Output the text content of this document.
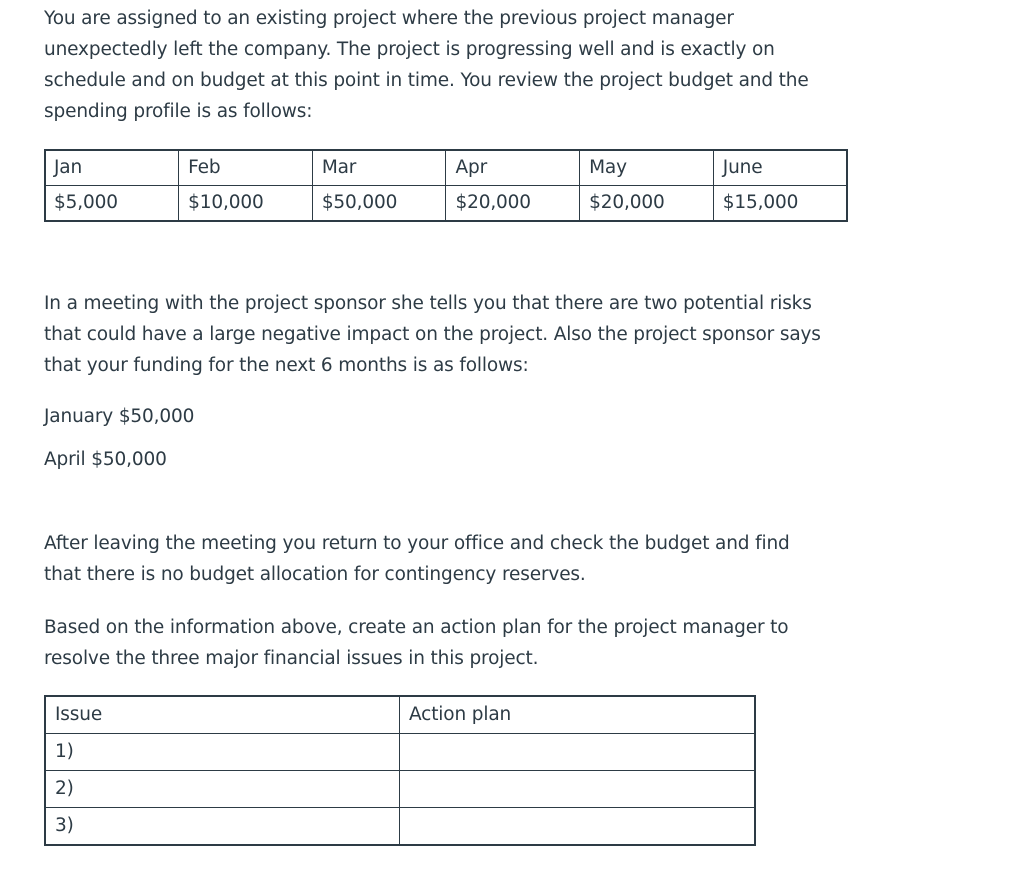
You are assigned to an existing project where the previous project manager
unexpectedly left the company. The project is progressing well and is exactly on
schedule and on budget at this point in time. You review the project budget and the
spending profile is as follows:

Jan	Feb	Mar	Apr	May	June
$5,000	$10,000	$50,000	$20,000	$20,000	$15,000

In a meeting with the project sponsor she tells you that there are two potential risks
that could have a large negative impact on the project. Also the project sponsor says
that your funding for the next 6 months is as follows:

January $50,000

April $50,000

After leaving the meeting you return to your office and check the budget and find
that there is no budget allocation for contingency reserves.

Based on the information above, create an action plan for the project manager to
resolve the three major financial issues in this project.

Issue	Action plan
1)	
2)	
3)	
